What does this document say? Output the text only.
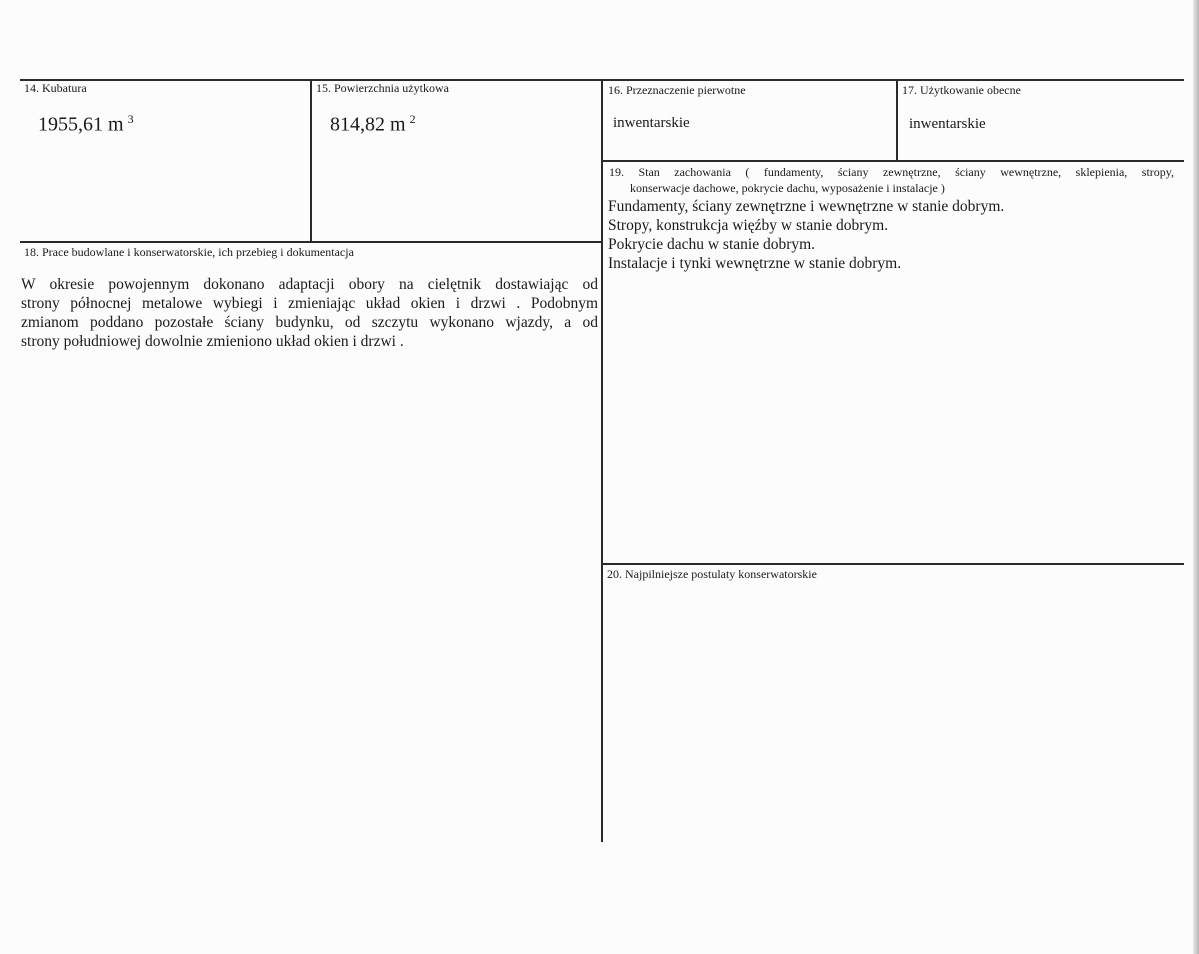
14. Kubatura
1955,61 m $^3$
15. Powierzchnia użytkowa
814,82 m $^2$
16. Przeznaczenie pierwotne
inwentarskie
17. Użytkowanie obecne
inwentarskie
18. Prace budowlane i konserwatorskie, ich przebieg i dokumentacja
W okresie powojennym dokonano adaptacji obory na cielętnik dostawiając od
strony północnej metalowe wybiegi i zmieniając układ okien i drzwi . Podobnym
zmianom poddano pozostałe ściany budynku, od szczytu wykonano wjazdy, a od
strony południowej dowolnie zmieniono układ okien i drzwi .
19. Stan zachowania ( fundamenty, ściany zewnętrzne, ściany wewnętrzne, sklepienia, stropy,
konserwacje dachowe, pokrycie dachu, wyposażenie i instalacje )
Fundamenty, ściany zewnętrzne i wewnętrzne w stanie dobrym.
Stropy, konstrukcja więźby w stanie dobrym.
Pokrycie dachu w stanie dobrym.
Instalacje i tynki wewnętrzne w stanie dobrym.
20. Najpilniejsze postulaty konserwatorskie
